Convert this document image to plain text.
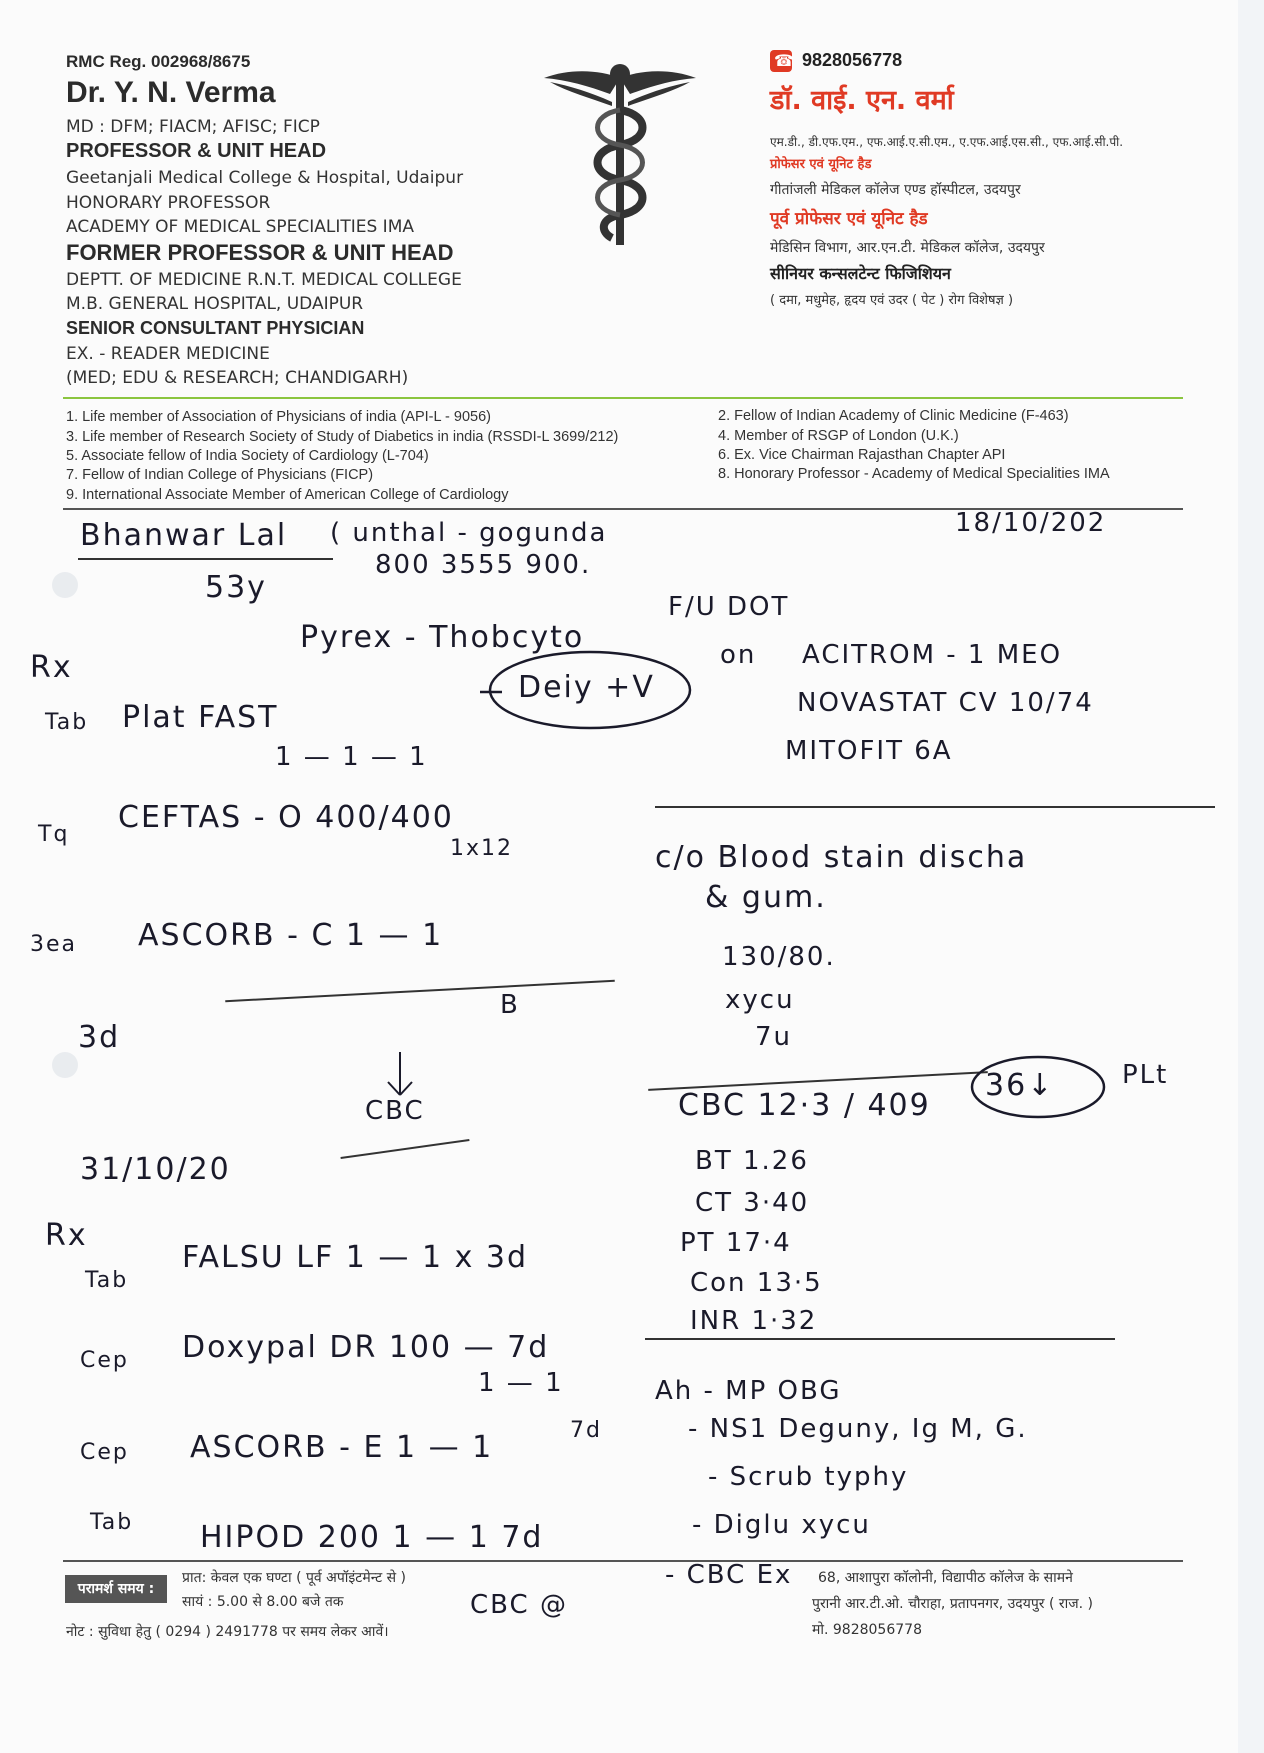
RMC Reg. 002968/8675
Dr. Y. N. Verma
MD : DFM; FIACM; AFISC; FICP
PROFESSOR & UNIT HEAD
Geetanjali Medical College & Hospital, Udaipur
HONORARY PROFESSOR
ACADEMY OF MEDICAL SPECIALITIES IMA
FORMER PROFESSOR & UNIT HEAD
DEPTT. OF MEDICINE R.N.T. MEDICAL COLLEGE
M.B. GENERAL HOSPITAL, UDAIPUR
SENIOR CONSULTANT PHYSICIAN
EX. - READER MEDICINE
(MED; EDU & RESEARCH; CHANDIGARH)
☎ 9828056778
डॉ. वाई. एन. वर्मा
एम.डी., डी.एफ.एम., एफ.आई.ए.सी.एम., ए.एफ.आई.एस.सी., एफ.आई.सी.पी.
प्रोफेसर एवं यूनिट हैड
गीतांजली मेडिकल कॉलेज एण्ड हॉस्पीटल, उदयपुर
पूर्व प्रोफेसर एवं यूनिट हैड
मेडिसिन विभाग, आर.एन.टी. मेडिकल कॉलेज, उदयपुर
सीनियर कन्सलटेन्ट फिजिशियन
( दमा, मधुमेह, हृदय एवं उदर ( पेट ) रोग विशेषज्ञ )
1. Life member of Association of Physicians of india (API-L - 9056)
3. Life member of Research Society of Study of Diabetics in india (RSSDI-L 3699/212)
5. Associate fellow of India Society of Cardiology (L-704)
7. Fellow of Indian College of Physicians (FICP)
9. International Associate Member of American College of Cardiology
2. Fellow of Indian Academy of Clinic Medicine (F-463)
4. Member of RSGP of London (U.K.)
6. Ex. Vice Chairman Rajasthan Chapter API
8. Honorary Professor - Academy of Medical Specialities IMA
Bhanwar Lal ( unthal - gogunda	18/10/202
800 3555 900.
53y
F/U DOT
Pyrex - Thobcyto	on ACITROM - 1 MEO
Rx
Deiy +V	NOVASTAT CV 10/74
Tab Plat FAST
1 — 1 — 1	MITOFIT 6A
Tq CEFTAS - O 400/400
1x12	c/o Blood stain discha
& gum.
3ea ASCORB - C 1 — 1
130/80.
xycu
B
7u
3d
CBC	CBC 12·3 / 409
36↓	PLt
BT 1.26
31/10/20
CT 3·40
Rx	PT 17·4
Con 13·5
Tab
FALSU LF 1 — 1 x 3d
INR 1·32
Cep Doxypal DR 100 — 7d
1 — 1	Ah - MP OBG
- NS1 Deguny, Ig M, G.
Cep ASCORB - E 1 — 1	7d
- Scrub typhy
Tab HIPOD 200 1 — 1 7d	- Diglu xycu
परामर्श समय :
प्रात: केवल एक घण्टा ( पूर्व अपॉइंटमेन्ट से )
सायं : 5.00 से 8.00 बजे तक	CBC @
नोट : सुविधा हेतु ( 0294 ) 2491778 पर समय लेकर आवें।
- CBC Ex 68, आशापुरा कॉलोनी, विद्यापीठ कॉलेज के सामने
पुरानी आर.टी.ओ. चौराहा, प्रतापनगर, उदयपुर ( राज. )
मो. 9828056778
